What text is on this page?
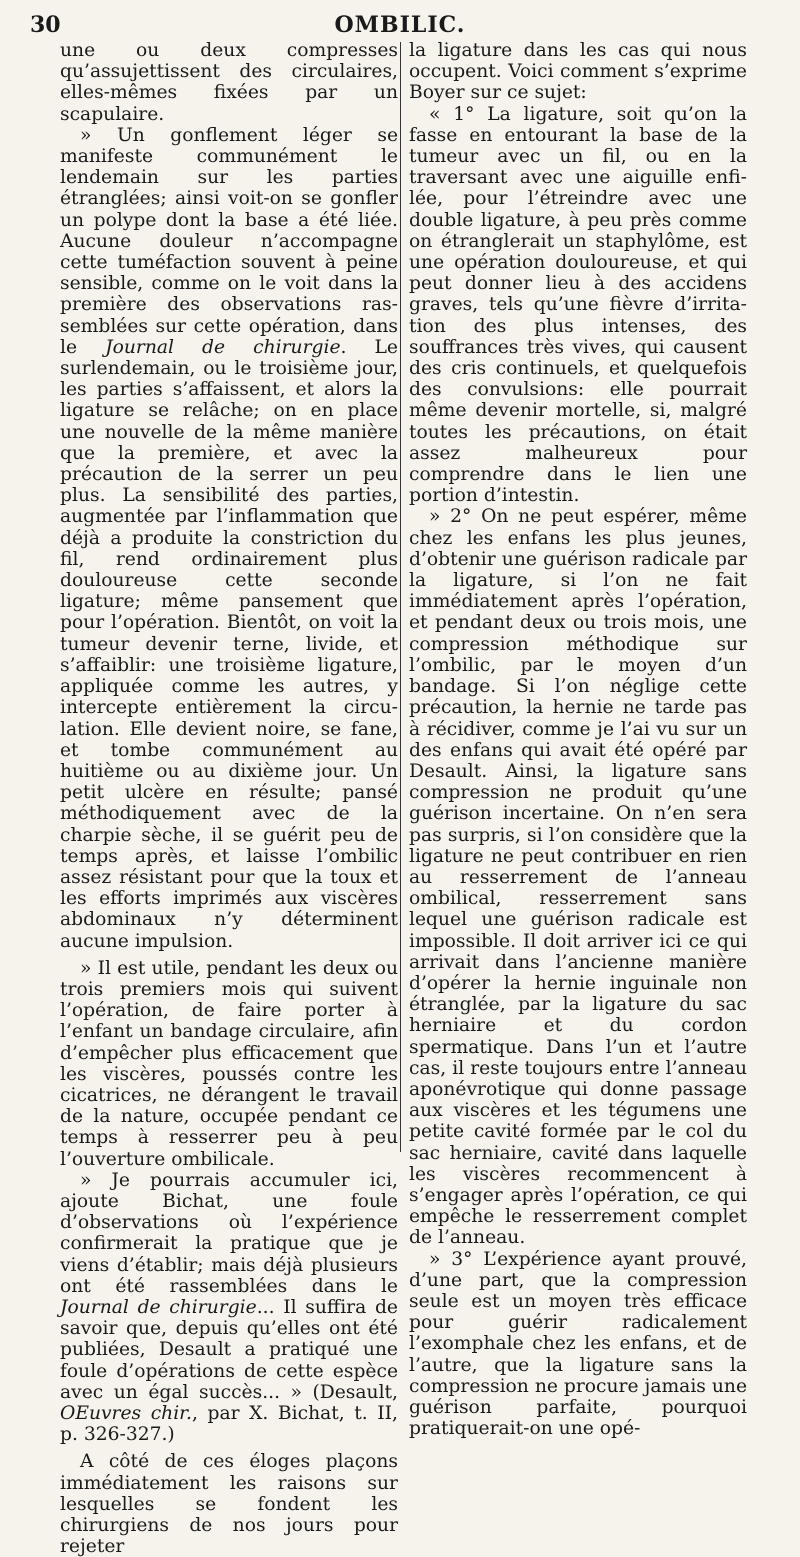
30	OMBILIC.

une ou deux compresses qu’assujettissent des circulaires, elles-mêmes fixées par un scapulaire.

» Un gonflement léger se manifeste communément le lendemain sur les parties étranglées; ainsi voit-on se gonfler un polype dont la base a été liée. Aucune douleur n’accompagne cette tuméfaction souvent à peine sensible, comme on le voit dans la première des observations rassemblées sur cette opération, dans le Journal de chirurgie. Le surlendemain, ou le troisième jour, les parties s’affaissent, et alors la ligature se relâche; on en place une nouvelle de la même manière que la première, et avec la précaution de la serrer un peu plus. La sensibilité des parties, augmentée par l’inflammation que déjà a produite la constriction du fil, rend ordinairement plus douloureuse cette seconde ligature; même pansement que pour l’opération. Bientôt, on voit la tumeur devenir terne, livide, et s’affaiblir: une troisième ligature, appliquée comme les autres, y intercepte entièrement la circulation. Elle devient noire, se fane, et tombe communément au huitième ou au dixième jour. Un petit ulcère en résulte; pansé méthodiquement avec de la charpie sèche, il se guérit peu de temps après, et laisse l’ombilic assez résistant pour que la toux et les efforts imprimés aux viscères abdominaux n’y déterminent aucune impulsion.

» Il est utile, pendant les deux ou trois premiers mois qui suivent l’opération, de faire porter à l’enfant un bandage circulaire, afin d’empêcher plus efficacement que les viscères, poussés contre les cicatrices, ne dérangent le travail de la nature, occupée pendant ce temps à resserrer peu à peu l’ouverture ombilicale.

» Je pourrais accumuler ici, ajoute Bichat, une foule d’observations où l’expérience confirmerait la pratique que je viens d’établir; mais déjà plusieurs ont été rassemblées dans le Journal de chirurgie... Il suffira de savoir que, depuis qu’elles ont été publiées, Desault a pratiqué une foule d’opérations de cette espèce avec un égal succès... » (Desault, OEuvres chir., par X. Bichat, t. II, p. 326-327.)

A côté de ces éloges plaçons immédiatement les raisons sur lesquelles se fondent les chirurgiens de nos jours pour rejeter

la ligature dans les cas qui nous occupent. Voici comment s’exprime Boyer sur ce sujet:

« 1° La ligature, soit qu’on la fasse en entourant la base de la tumeur avec un fil, ou en la traversant avec une aiguille enfilée, pour l’étreindre avec une double ligature, à peu près comme on étranglerait un staphylôme, est une opération douloureuse, et qui peut donner lieu à des accidens graves, tels qu’une fièvre d’irritation des plus intenses, des souffrances très vives, qui causent des cris continuels, et quelquefois des convulsions: elle pourrait même devenir mortelle, si, malgré toutes les précautions, on était assez malheureux pour comprendre dans le lien une portion d’intestin.

» 2° On ne peut espérer, même chez les enfans les plus jeunes, d’obtenir une guérison radicale par la ligature, si l’on ne fait immédiatement après l’opération, et pendant deux ou trois mois, une compression méthodique sur l’ombilic, par le moyen d’un bandage. Si l’on néglige cette précaution, la hernie ne tarde pas à récidiver, comme je l’ai vu sur un des enfans qui avait été opéré par Desault. Ainsi, la ligature sans compression ne produit qu’une guérison incertaine. On n’en sera pas surpris, si l’on considère que la ligature ne peut contribuer en rien au resserrement de l’anneau ombilical, resserrement sans lequel une guérison radicale est impossible. Il doit arriver ici ce qui arrivait dans l’ancienne manière d’opérer la hernie inguinale non étranglée, par la ligature du sac herniaire et du cordon spermatique. Dans l’un et l’autre cas, il reste toujours entre l’anneau aponévrotique qui donne passage aux viscères et les tégumens une petite cavité formée par le col du sac herniaire, cavité dans laquelle les viscères recommencent à s’engager après l’opération, ce qui empêche le resserrement complet de l’anneau.

» 3° L’expérience ayant prouvé, d’une part, que la compression seule est un moyen très efficace pour guérir radicalement l’exomphale chez les enfans, et de l’autre, que la ligature sans la compression ne procure jamais une guérison parfaite, pourquoi pratiquerait-on une opé-
